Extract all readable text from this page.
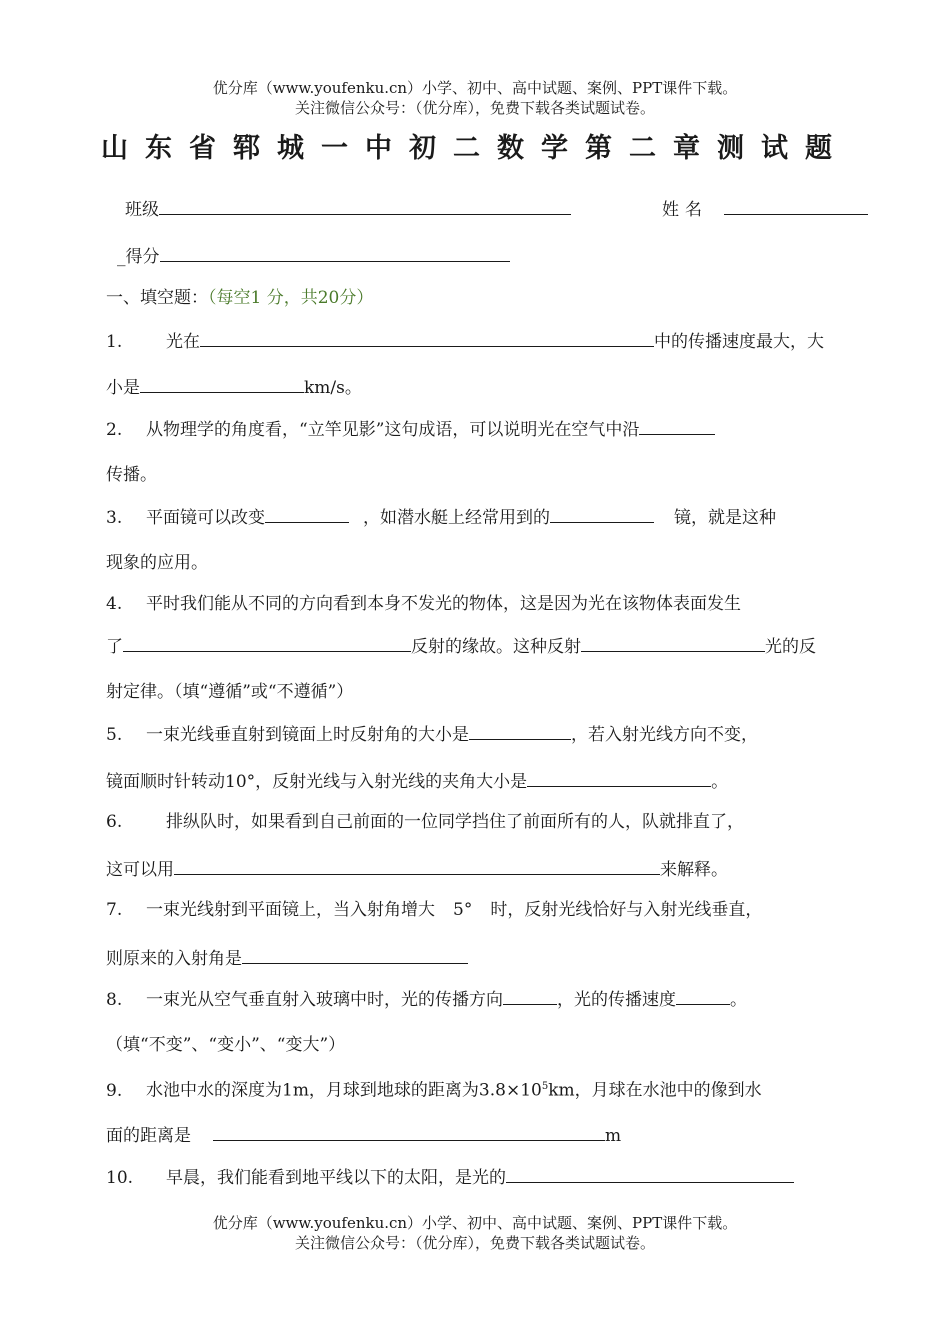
优分库（www.youfenku.cn）小学、初中、高中试题、案例、PPT课件下载。
关注微信公众号：（优分库），免费下载各类试题试卷。
山东省郓城一中初二数学第二章测试题
班级	姓名
_得分
一、填空题：（每空1 分，共20分）
1.	光在	中的传播速度最大，大
小是	km/s。
2. 从物理学的角度看，“立竿见影”这句成语，可以说明光在空气中沿
传播。
3. 平面镜可以改变	，如潜水艇上经常用到的	镜，就是这种
现象的应用。
4. 平时我们能从不同的方向看到本身不发光的物体，这是因为光在该物体表面发生
了	反射的缘故。这种反射	光的反
射定律。（填“遵循”或“不遵循”）
5. 一束光线垂直射到镜面上时反射角的大小是	，若入射光线方向不变，
镜面顺时针转动10°，反射光线与入射光线的夹角大小是	。
6.	排纵队时，如果看到自己前面的一位同学挡住了前面所有的人，队就排直了，
这可以用	来解释。
7. 一束光线射到平面镜上，当入射角增大 5° 时，反射光线恰好与入射光线垂直，
则原来的入射角是
8. 一束光从空气垂直射入玻璃中时，光的传播方向	，光的传播速度	。
（填“不变”、“变小”、“变大”）
9. 水池中水的深度为1m，月球到地球的距离为$3.8\times 10^5km$，月球在水池中的像到水
面的距离是	m
10. 早晨，我们能看到地平线以下的太阳，是光的
优分库（www.youfenku.cn）小学、初中、高中试题、案例、PPT课件下载。
关注微信公众号：（优分库），免费下载各类试题试卷。
